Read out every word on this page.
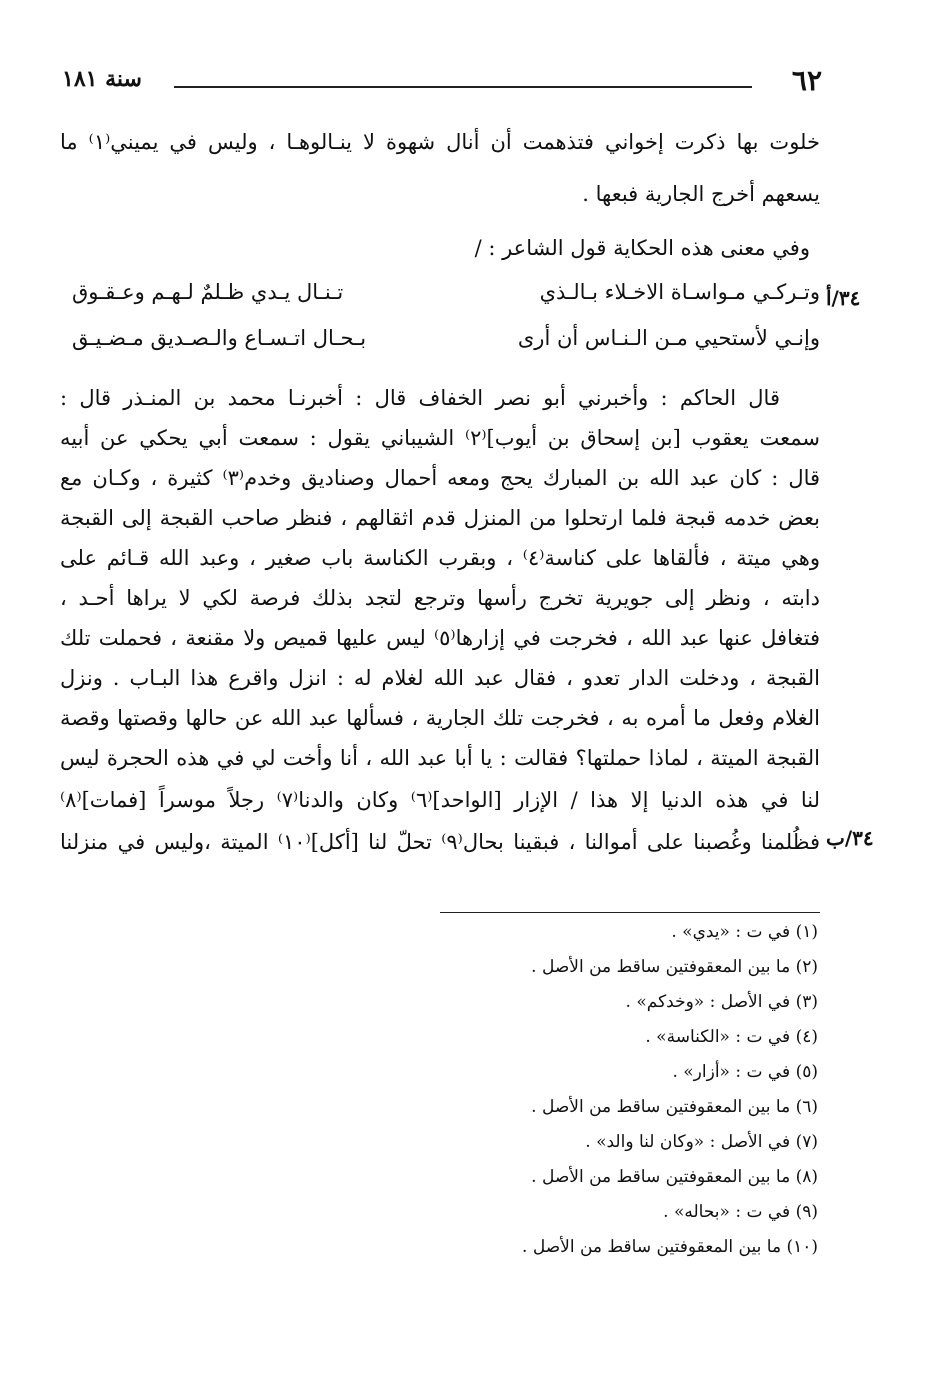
٦٢
سنة ١٨١
خلوت بها ذكرت إخواني فتذهمت أن أنال شهوة لا ينـالوهـا ، وليس في يميني⁽١⁾ ما
يسعهم أخرج الجارية فبعها .
وفي معنى هذه الحكاية قول الشاعر : /
وتـركـي مـواسـاة الاخـلاء بـالـذي
تـنـال يـدي ظـلمٌ لـهـم وعـقـوق
وإنـي لأستحيي مـن الـنـاس أن أرى
بـحـال اتـسـاع والـصـديق مـضـيـق
٣٤/أ
قال الحاكم : وأخبرني أبو نصر الخفاف قال : أخبرنـا محمد بن المنـذر قال :
سمعت يعقوب [بن إسحاق بن أيوب]⁽٢⁾ الشيباني يقول : سمعت أبي يحكي عن أبيه
قال : كان عبد الله بن المبارك يحج ومعه أحمال وصناديق وخدم⁽٣⁾ كثيرة ، وكـان مع
بعض خدمه قبجة فلما ارتحلوا من المنزل قدم اثقالهم ، فنظر صاحب القبجة إلى القبجة
وهي ميتة ، فألقاها على كناسة⁽٤⁾ ، وبقرب الكناسة باب صغير ، وعبد الله قـائم على
دابته ، ونظر إلى جويرية تخرج رأسها وترجع لتجد بذلك فرصة لكي لا يراها أحـد ،
فتغافل عنها عبد الله ، فخرجت في إزارها⁽٥⁾ ليس عليها قميص ولا مقنعة ، فحملت تلك
القبجة ، ودخلت الدار تعدو ، فقال عبد الله لغلام له : انزل واقرع هذا البـاب . ونزل
الغلام وفعل ما أمره به ، فخرجت تلك الجارية ، فسألها عبد الله عن حالها وقصتها وقصة
القبجة الميتة ، لماذا حملتها؟ فقالت : يا أبا عبد الله ، أنا وأخت لي في هذه الحجرة ليس
لنا في هذه الدنيا إلا هذا / الإزار [الواحد]⁽٦⁾ وكان والدنا⁽٧⁾ رجلاً موسراً [فمات]⁽٨⁾
فظُلمنا وغُصبنا على أموالنا ، فبقينا بحال⁽٩⁾ تحلّ لنا [أكل]⁽١٠⁾ الميتة ،وليس في منزلنا ٣٤/ب
(١) في ت : «يدي» .
(٢) ما بين المعقوفتين ساقط من الأصل .
(٣) في الأصل : «وخدكم» .
(٤) في ت : «الكناسة» .
(٥) في ت : «أزار» .
(٦) ما بين المعقوفتين ساقط من الأصل .
(٧) في الأصل : «وكان لنا والد» .
(٨) ما بين المعقوفتين ساقط من الأصل .
(٩) في ت : «بحاله» .
(١٠) ما بين المعقوفتين ساقط من الأصل .
